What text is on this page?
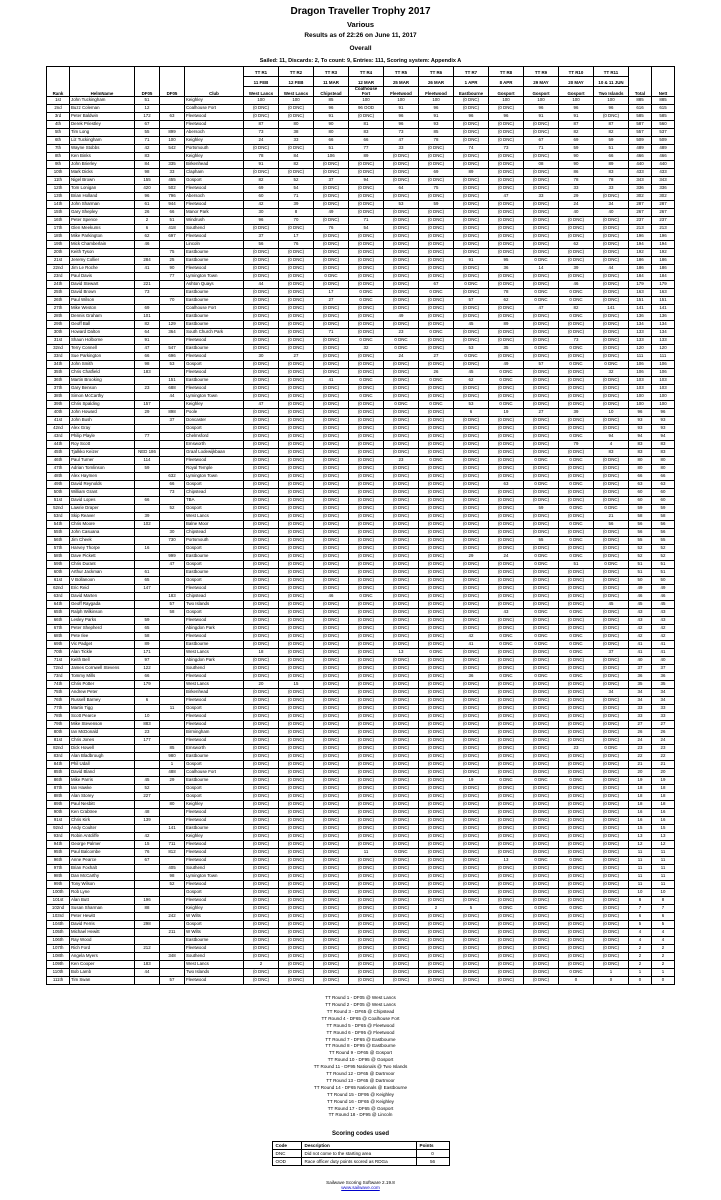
Dragon Traveller Trophy 2017
Various
Results as of 22:26 on June 11, 2017
Overall
Sailed: 11, Discards: 2, To count: 9, Entries: 111, Scoring system: Appendix A
Rank	HelmName	DF05	DF05	Club	TT R1	TT R2	TT R3	TT R4	TT R5	TT R6	TT R7	TT R8	TT R9	TT R10	TT R11	Total	Nett
					11 FEB	12 FEB	11 MAR	12 MAR	25 MAR	26 MAR	1 APR	8 APR	29 MAY	20 MAY	10 & 11 JUN		
					West Lancs	West Lancs	Chipstead	Coalhouse Fort	Fleetwood	Fleetwood	Eastbourne	Gosport	Gosport	Gosport	Two Islands		
1st	John Tuckingham	51		Keighley	100	100	85	100	100	100	(0 DNC)	100	100	100	100	885	885
2nd	Buzz Coleman	12		Coalhouse Fort	(0 DNC)	(0 DNC)	96	96 OOD	91	96	(0 DNC)	(0 DNC)	96	96	96	616	615
3rd	Peter Baldwin	172	63	Fleetwood	(0 DNC)	(0 DNC)	91	(0 DNC)	96	91	96	96	91	91	(0 DNC)	585	585
4th	Derek Priestley	67		Fleetwood	87	80	90	81	96	93	(0 DNC)	(0 DNC)	(0 DNC)	87	87	587	560
5th	Tim Long	55	899	Abersoch	73	38	80	83	73	85	(0 DNC)	(0 DNC)	(0 DNC)	82	82	557	537
6th	Liz Tuckingham	71	100	Keighley	24	33	66	66	47	78	(0 DNC)	(0 DNC)	67	69	59	509	509
7th	Wayne Stobbs	42	542	Portsmouth	(0 DNC)	(0 DNC)	51	77	33	(0 DNC)	74	73	71	59	51	489	489
8th	Ken Binks	83		Keighley	78	84	106	89	(0 DNC)	(0 DNC)	(0 DNC)	(0 DNC)	(0 DNC)	90	66	466	466
9th	John Brierley	84	335	Birkenhead	91	82	(0 DNC)	(0 DNC)	(0 DNC)	(0 DNC)	(0 DNC)	(0 DNC)	08	90	89	440	440
10th	Mark Dicks	98	33	Clapham	(0 DNC)	(0 DNC)	(0 DNC)	(0 DNC)	(0 DNC)	69	89	(0 DNC)	(0 DNC)	86	83	433	433
11th	Nigel Brown	155	455	Gosport	82	52	37	94	(0 DNC)	(0 DNC)	(0 DNC)	(0 DNC)	(0 DNC)	78	78	343	343
12th	Tom Lonigan	420	502	Fleetwood	69	54	(0 DNC)	(0 DNC)	64	75	(0 DNC)	(0 DNC)	(0 DNC)	33	33	336	336
13th	Brian Holland	96	796	Abersoch	60	71	(0 DNC)	(0 DNC)	(0 DNC)	(0 DNC)	(0 DNC)	47	33	29	(0 DNC)	302	302
14th	John Sharman	61	944	Fleetwood	42	39	(0 DNC)	(0 DNC)	53	59	(0 DNC)	(0 DNC)	(0 DNC)	24	34	287	287
15th	Gary Shepley	26	66	Manor Park	30	8	49	(0 DNC)	(0 DNC)	(0 DNC)	(0 DNC)	(0 DNC)	(0 DNC)	40	40	267	267
16th	Peter Spence	2	51	Windrush	96	70	(0 DNC)	71	(0 DNC)	(0 DNC)	(0 DNC)	(0 DNC)	(0 DNC)	(0 DNC)	(0 DNC)	237	237
17th	Glen Meekums	6	418	Southend	(0 DNC)	(0 DNC)	76	54	(0 DNC)	(0 DNC)	(0 DNC)	(0 DNC)	(0 DNC)	(0 DNC)	(0 DNC)	213	213
18th	Mike Parkington	62	697	Fleetwood	37	17	(0 DNC)	(0 DNC)	(0 DNC)	(0 DNC)	(0 DNC)	(0 DNC)	(0 DNC)	(0 DNC)	(0 DNC)	196	196
19th	Mick Chamberlain	46		Lincoln	56	76	(0 DNC)	(0 DNC)	(0 DNC)	(0 DNC)	(0 DNC)	(0 DNC)	(0 DNC)	62	(0 DNC)	194	194
20th	Keith Tyson		75	Eastbourne	(0 DNC)	(0 DNC)	(0 DNC)	(0 DNC)	(0 DNC)	(0 DNC)	(0 DNC)	(0 DNC)	(0 DNC)	(0 DNC)	(0 DNC)	192	192
21st	Jeremy Collier	284	25	Eastbourne	(0 DNC)	(0 DNC)	(0 DNC)	(0 DNC)	(0 DNC)	(0 DNC)	91	95	0 DNC	(0 DNC)	(0 DNC)	186	186
22nd	Jim Le Roche	41	90	Fleetwood	(0 DNC)	(0 DNC)	(0 DNC)	(0 DNC)	(0 DNC)	(0 DNC)	(0 DNC)	36	14	39	44	186	186
23rd	Paul Davis		77	Lymington Town	(0 DNC)	(0 DNC)	0 DNC	(0 DNC)	(0 DNC)	(0 DNC)	(0 DNC)	(0 DNC)	(0 DNC)	(0 DNC)	(0 DNC)	184	184
24th	David Stewart	221		Ashton Quays	44	(0 DNC)	(0 DNC)	(0 DNC)	(0 DNC)	67	0 DNC	(0 DNC)	(0 DNC)	46	(0 DNC)	179	179
25th	David Brown	73		Eastbourne	(0 DNC)	(0 DNC)	17	0 DNC	(0 DNC)	0 DNC	(0 DNC)	78	0 DNC	0 DNC	(0 DNC)	163	163
26th	Paul Wilson		70	Eastbourne	(0 DNC)	(0 DNC)	27	0 DNC	(0 DNC)	(0 DNC)	57	62	0 DNC	0 DNC	(0 DNC)	151	151
27th	Mike Weston	69		Coalhouse Fort	(0 DNC)	(0 DNC)	(0 DNC)	(0 DNC)	(0 DNC)	(0 DNC)	(0 DNC)	(0 DNC)	47	82	141	141	141
28th	Dennis Graham	101		Eastbourne	(0 DNC)	(0 DNC)	(0 DNC)	(0 DNC)	49	(0 DNC)	(0 DNC)	(0 DNC)	(0 DNC)	0 DNC	(0 DNC)	136	136
29th	Geoff Ball	82	129	Eastbourne	(0 DNC)	(0 DNC)	(0 DNC)	(0 DNC)	(0 DNC)	(0 DNC)	45	89	(0 DNC)	(0 DNC)	(0 DNC)	134	134
30th	Howard Dalton	64	364	South Church Park	(0 DNC)	(0 DNC)	71	(0 DNC)	23	0 DNC	(0 DNC)	(0 DNC)	(0 DNC)	(0 DNC)	(0 DNC)	133	134
31st	Shaun Holborne	91		Fleetwood	(0 DNC)	(0 DNC)	(0 DNC)	0 DNC	0 DNC	(0 DNC)	(0 DNC)	(0 DNC)	(0 DNC)	73	(0 DNC)	133	133
32nd	Terry Connell	47	547	Eastbourne	(0 DNC)	(0 DNC)	(0 DNC)	32	0 DNC	(0 DNC)	53	35	0 DNC	0 DNC	(0 DNC)	120	120
33rd	Sue Parkington	66	696	Fleetwood	30	27	(0 DNC)	(0 DNC)	24	27	0 DNC	(0 DNC)	(0 DNC)	(0 DNC)	(0 DNC)	111	111
34th	John Smith	98	53	Gosport	(0 DNC)	(0 DNC)	(0 DNC)	(0 DNC)	(0 DNC)	(0 DNC)	(0 DNC)	49	57	0 DNC	0 DNC	106	106
35th	Chris Chatfield	183		Fleetwood	(0 DNC)	(0 DNC)	(0 DNC)	(0 DNC)	(0 DNC)	26	45	0 DNC	(0 DNC)	(0 DNC)	32	106	106
36th	Martin Brooking		151	Eastbourne	(0 DNC)	(0 DNC)	41	0 DNC	(0 DNC)	0 DNC	62	0 DNC	(0 DNC)	(0 DNC)	(0 DNC)	103	103
37th	Gary Benson	23	688	Fleetwood	(0 DNC)	(0 DNC)	(0 DNC)	(0 DNC)	(0 DNC)	(0 DNC)	(0 DNC)	(0 DNC)	(0 DNC)	(0 DNC)	(0 DNC)	103	103
38th	Simon McCarthy		44	Lymington Town	(0 DNC)	(0 DNC)	(0 DNC)	0 DNC	(0 DNC)	(0 DNC)	(0 DNC)	(0 DNC)	(0 DNC)	(0 DNC)	(0 DNC)	100	100
39th	Chris Spalding	157		Keighley	47	(0 DNC)	(0 DNC)	(0 DNC)	0 DNC	0 DNC	53	0 DNC	(0 DNC)	(0 DNC)	(0 DNC)	100	100
40th	John Howard	29	898	Poole	(0 DNC)	(0 DNC)	(0 DNC)	(0 DNC)	(0 DNC)	(0 DNC)	6	19	27	39	10	96	96
41st	John Bush		37	Doncaster	(0 DNC)	(0 DNC)	(0 DNC)	(0 DNC)	(0 DNC)	(0 DNC)	(0 DNC)	(0 DNC)	(0 DNC)	(0 DNC)	(0 DNC)	93	93
42nd	Alex Gray			Gosport	(0 DNC)	(0 DNC)	(0 DNC)	(0 DNC)	(0 DNC)	(0 DNC)	(0 DNC)	(0 DNC)	(0 DNC)	(0 DNC)	(0 DNC)	93	93
43rd	Philip Playle	77		Chelmsford	(0 DNC)	(0 DNC)	(0 DNC)	(0 DNC)	(0 DNC)	(0 DNC)	(0 DNC)	(0 DNC)	(0 DNC)	0 DNC	94	94	94
44th	Roy Scott			Emsworth	(0 DNC)	(0 DNC)	(0 DNC)	(0 DNC)	(0 DNC)	(0 DNC)	(0 DNC)	(0 DNC)	(0 DNC)	79	4	83	83
45th	Tjalkko Keizer	NED 186		Graaf Lodewijkbaan	(0 DNC)	(0 DNC)	(0 DNC)	(0 DNC)	(0 DNC)	(0 DNC)	(0 DNC)	(0 DNC)	(0 DNC)	(0 DNC)	83	83	83
46th	Paul Turner	114		Fleetwood	(0 DNC)	(0 DNC)	(0 DNC)	(0 DNC)	23	0 DNC	(0 DNC)	(0 DNC)	0 DNC	0 DNC	(0 DNC)	80	80
47th	Adrian Tomlinson	59		Royal Temple	(0 DNC)	(0 DNC)	(0 DNC)	(0 DNC)	(0 DNC)	(0 DNC)	(0 DNC)	(0 DNC)	(0 DNC)	(0 DNC)	(0 DNC)	80	80
48th	Alex Haymen		632	Lymington Town	(0 DNC)	(0 DNC)	(0 DNC)	(0 DNC)	(0 DNC)	(0 DNC)	(0 DNC)	(0 DNC)	(0 DNC)	(0 DNC)	(0 DNC)	66	66
49th	David Reynolds		66	Gosport	(0 DNC)	(0 DNC)	(0 DNC)	(0 DNC)	(0 DNC)	(0 DNC)	(0 DNC)	63	0 DNC	0 DNC	(0 DNC)	63	63
50th	William Grant		73	Chipstead	(0 DNC)	(0 DNC)	(0 DNC)	(0 DNC)	(0 DNC)	(0 DNC)	(0 DNC)	(0 DNC)	(0 DNC)	(0 DNC)	(0 DNC)	60	60
51st	David Lopes	66		TBA	(0 DNC)	(0 DNC)	(0 DNC)	(0 DNC)	(0 DNC)	(0 DNC)	(0 DNC)	(0 DNC)	(0 DNC)	(0 DNC)	(0 DNC)	60	60
52nd	Lawrie Draper		52	Gosport	(0 DNC)	(0 DNC)	(0 DNC)	(0 DNC)	(0 DNC)	(0 DNC)	(0 DNC)	(0 DNC)	59	0 DNC	0 DNC	59	59
53rd	Skip Reaver	39		West Lancs	(0 DNC)	(0 DNC)	(0 DNC)	(0 DNC)	(0 DNC)	(0 DNC)	(0 DNC)	(0 DNC)	(0 DNC)	(0 DNC)	21	58	58
54th	Chris Moore	102		Balne Moor	(0 DNC)	(0 DNC)	(0 DNC)	(0 DNC)	(0 DNC)	(0 DNC)	(0 DNC)	(0 DNC)	(0 DNC)	0 DNC	56	56	56
55th	John Casuana		30	Chipstead	(0 DNC)	(0 DNC)	(0 DNC)	(0 DNC)	(0 DNC)	(0 DNC)	(0 DNC)	(0 DNC)	(0 DNC)	(0 DNC)	(0 DNC)	56	56
56th	Jim Cheek		730	Portsmouth	(0 DNC)	(0 DNC)	(0 DNC)	(0 DNC)	(0 DNC)	(0 DNC)	(0 DNC)	(0 DNC)	55	0 DNC	(0 DNC)	55	55
57th	Harvey Thorpe	16		Gosport	(0 DNC)	(0 DNC)	(0 DNC)	(0 DNC)	(0 DNC)	(0 DNC)	(0 DNC)	(0 DNC)	(0 DNC)	(0 DNC)	(0 DNC)	52	52
58th	Dave Pickett		999	Eastbourne	(0 DNC)	(0 DNC)	(0 DNC)	(0 DNC)	(0 DNC)	(0 DNC)	29	24	0 DNC	0 DNC	(0 DNC)	52	52
59th	Chris Durant		47	Gosport	(0 DNC)	(0 DNC)	(0 DNC)	(0 DNC)	(0 DNC)	(0 DNC)	(0 DNC)	(0 DNC)	0 DNC	51	0 DNC	51	51
60th	Arthur Jackman	61		Eastbourne	(0 DNC)	(0 DNC)	(0 DNC)	(0 DNC)	(0 DNC)	(0 DNC)	(0 DNC)	(0 DNC)	(0 DNC)	(0 DNC)	(0 DNC)	51	51
61st	V Bollanoon	65		Gosport	(0 DNC)	(0 DNC)	(0 DNC)	(0 DNC)	(0 DNC)	(0 DNC)	(0 DNC)	(0 DNC)	(0 DNC)	(0 DNC)	(0 DNC)	50	50
62nd	Eric Reid	147		Fleetwood	(0 DNC)	(0 DNC)	(0 DNC)	(0 DNC)	(0 DNC)	(0 DNC)	(0 DNC)	(0 DNC)	(0 DNC)	(0 DNC)	(0 DNC)	49	49
63rd	David Marten		183	Chipstead	(0 DNC)	(0 DNC)	46	0 DNC	(0 DNC)	(0 DNC)	(0 DNC)	(0 DNC)	(0 DNC)	(0 DNC)	(0 DNC)	46	46
64th	Geoff Raygada		57	Two Islands	(0 DNC)	(0 DNC)	(0 DNC)	(0 DNC)	(0 DNC)	(0 DNC)	(0 DNC)	(0 DNC)	(0 DNC)	(0 DNC)	45	45	45
65th	Ralph Wilkinson		58	Gosport	(0 DNC)	(0 DNC)	(0 DNC)	(0 DNC)	(0 DNC)	(0 DNC)	(0 DNC)	43	0 DNC	0 DNC	(0 DNC)	43	43
66th	Lesley Parks	59		Fleetwood	(0 DNC)	(0 DNC)	(0 DNC)	(0 DNC)	(0 DNC)	(0 DNC)	(0 DNC)	(0 DNC)	(0 DNC)	(0 DNC)	(0 DNC)	43	43
67th	Peter Shepherd	65		Abingdon Park	(0 DNC)	(0 DNC)	(0 DNC)	(0 DNC)	(0 DNC)	(0 DNC)	(0 DNC)	(0 DNC)	(0 DNC)	(0 DNC)	(0 DNC)	42	42
68th	Pete Ilee	58		Fleetwood	(0 DNC)	(0 DNC)	(0 DNC)	(0 DNC)	(0 DNC)	(0 DNC)	42	0 DNC	0 DNC	0 DNC	(0 DNC)	42	42
69th	Vic Padget	89		Eastbourne	(0 DNC)	(0 DNC)	(0 DNC)	(0 DNC)	(0 DNC)	(0 DNC)	41	0 DNC	0 DNC	0 DNC	(0 DNC)	41	41
70th	Alan Tickle	171		West Lancs	18	(0 DNC)	(0 DNC)	(0 DNC)	13	0 DNC	(0 DNC)	(0 DNC)	(0 DNC)	0 DNC	37	41	41
71st	Keith Bell	97		Abingdon Park	(0 DNC)	(0 DNC)	(0 DNC)	(0 DNC)	(0 DNC)	(0 DNC)	(0 DNC)	(0 DNC)	(0 DNC)	(0 DNC)	(0 DNC)	40	40
72nd	James Cornwell Stevens	122		Southend	(0 DNC)	(0 DNC)	(0 DNC)	(0 DNC)	(0 DNC)	(0 DNC)	(0 DNC)	(0 DNC)	(0 DNC)	(0 DNC)	(0 DNC)	37	37
73rd	Tommy Mills	66		Fleetwood	(0 DNC)	(0 DNC)	(0 DNC)	(0 DNC)	(0 DNC)	(0 DNC)	36	0 DNC	0 DNC	0 DNC	(0 DNC)	36	36
74th	Chris Potter	179		West Lancs	20	15	(0 DNC)	(0 DNC)	(0 DNC)	(0 DNC)	(0 DNC)	(0 DNC)	(0 DNC)	(0 DNC)	(0 DNC)	35	35
75th	Andrew Peter			Birkenhead	(0 DNC)	(0 DNC)	(0 DNC)	(0 DNC)	(0 DNC)	(0 DNC)	(0 DNC)	(0 DNC)	(0 DNC)	(0 DNC)	34	34	34
76th	Russell Barney	6		Fleetwood	(0 DNC)	(0 DNC)	(0 DNC)	(0 DNC)	(0 DNC)	(0 DNC)	(0 DNC)	(0 DNC)	(0 DNC)	(0 DNC)	(0 DNC)	34	34
77th	Martin Tigg		11	Gosport	(0 DNC)	(0 DNC)	(0 DNC)	(0 DNC)	(0 DNC)	(0 DNC)	(0 DNC)	(0 DNC)	(0 DNC)	(0 DNC)	(0 DNC)	33	33
78th	Scott Pearce	10		Fleetwood	(0 DNC)	(0 DNC)	(0 DNC)	(0 DNC)	(0 DNC)	(0 DNC)	(0 DNC)	(0 DNC)	(0 DNC)	(0 DNC)	(0 DNC)	33	33
79th	Mike Stevenson	883		Fleetwood	(0 DNC)	(0 DNC)	(0 DNC)	(0 DNC)	(0 DNC)	(0 DNC)	(0 DNC)	(0 DNC)	(0 DNC)	(0 DNC)	(0 DNC)	27	27
80th	Ian McDonald	23		Birmingham	(0 DNC)	(0 DNC)	(0 DNC)	(0 DNC)	(0 DNC)	(0 DNC)	(0 DNC)	(0 DNC)	(0 DNC)	(0 DNC)	(0 DNC)	26	26
81st	Chris Jones	177		Fleetwood	(0 DNC)	(0 DNC)	(0 DNC)	(0 DNC)	(0 DNC)	(0 DNC)	(0 DNC)	(0 DNC)	(0 DNC)	(0 DNC)	(0 DNC)	24	24
82nd	Dick Howell		85	Emsworth	(0 DNC)	(0 DNC)	(0 DNC)	(0 DNC)	(0 DNC)	(0 DNC)	(0 DNC)	(0 DNC)	(0 DNC)	23	0 DNC	23	23
83rd	Alan Bladbrough		980	Eastbourne	(0 DNC)	(0 DNC)	(0 DNC)	(0 DNC)	(0 DNC)	(0 DNC)	(0 DNC)	(0 DNC)	(0 DNC)	(0 DNC)	(0 DNC)	22	22
84th	Phil Udall		1	Gosport	(0 DNC)	(0 DNC)	(0 DNC)	(0 DNC)	(0 DNC)	(0 DNC)	(0 DNC)	(0 DNC)	(0 DNC)	(0 DNC)	(0 DNC)	21	21
85th	David Bland		488	Coalhouse Fort	(0 DNC)	(0 DNC)	(0 DNC)	(0 DNC)	(0 DNC)	(0 DNC)	(0 DNC)	(0 DNC)	(0 DNC)	(0 DNC)	(0 DNC)	20	20
86th	Mike Parris	45	29	Eastbourne	(0 DNC)	(0 DNC)	(0 DNC)	(0 DNC)	(0 DNC)	(0 DNC)	19	0 DNC	0 DNC	0 DNC	(0 DNC)	19	19
87th	Ian Hawke	52		Gosport	(0 DNC)	(0 DNC)	(0 DNC)	(0 DNC)	(0 DNC)	(0 DNC)	(0 DNC)	(0 DNC)	(0 DNC)	(0 DNC)	(0 DNC)	18	18
88th	Alan Storey	227		Gosport	(0 DNC)	(0 DNC)	(0 DNC)	(0 DNC)	(0 DNC)	(0 DNC)	(0 DNC)	(0 DNC)	(0 DNC)	(0 DNC)	(0 DNC)	18	18
89th	Paul Nesbitt		80	Keighley	(0 DNC)	(0 DNC)	(0 DNC)	(0 DNC)	(0 DNC)	(0 DNC)	(0 DNC)	(0 DNC)	(0 DNC)	(0 DNC)	(0 DNC)	18	18
90th	Ken Crabtree	48		Fleetwood	(0 DNC)	(0 DNC)	(0 DNC)	(0 DNC)	(0 DNC)	(0 DNC)	(0 DNC)	(0 DNC)	(0 DNC)	(0 DNC)	(0 DNC)	16	16
91st	Chris Kirk	139		Fleetwood	(0 DNC)	(0 DNC)	(0 DNC)	(0 DNC)	(0 DNC)	(0 DNC)	(0 DNC)	(0 DNC)	(0 DNC)	(0 DNC)	(0 DNC)	16	16
92nd	Andy Coulter		141	Eastbourne	(0 DNC)	(0 DNC)	(0 DNC)	(0 DNC)	(0 DNC)	(0 DNC)	(0 DNC)	(0 DNC)	(0 DNC)	(0 DNC)	(0 DNC)	15	15
93rd	Robin Antcliffe	42		Keighley	(0 DNC)	(0 DNC)	(0 DNC)	(0 DNC)	(0 DNC)	(0 DNC)	(0 DNC)	(0 DNC)	(0 DNC)	(0 DNC)	(0 DNC)	13	13
94th	George Palmer	15	711	Fleetwood	(0 DNC)	(0 DNC)	(0 DNC)	(0 DNC)	(0 DNC)	(0 DNC)	(0 DNC)	(0 DNC)	(0 DNC)	(0 DNC)	(0 DNC)	12	12
95th	Paul Balcombe	76	812	Fleetwood	(0 DNC)	(0 DNC)	(0 DNC)	11	0 DNC	(0 DNC)	(0 DNC)	(0 DNC)	(0 DNC)	(0 DNC)	(0 DNC)	11	11
96th	Anne Pearce	67		Fleetwood	(0 DNC)	(0 DNC)	(0 DNC)	(0 DNC)	(0 DNC)	(0 DNC)	(0 DNC)	13	0 DNC	0 DNC	(0 DNC)	11	11
97th	Brian Foxhalt		405	Southend	(0 DNC)	(0 DNC)	(0 DNC)	(0 DNC)	(0 DNC)	(0 DNC)	(0 DNC)	(0 DNC)	(0 DNC)	(0 DNC)	(0 DNC)	11	11
98th	Dan McCarthy		98	Lymington Town	(0 DNC)	(0 DNC)	(0 DNC)	(0 DNC)	(0 DNC)	(0 DNC)	(0 DNC)	(0 DNC)	(0 DNC)	(0 DNC)	(0 DNC)	11	11
99th	Tony Wilson		52	Fleetwood	(0 DNC)	(0 DNC)	(0 DNC)	(0 DNC)	(0 DNC)	(0 DNC)	(0 DNC)	(0 DNC)	(0 DNC)	(0 DNC)	(0 DNC)	11	11
100th	Rob Lyne			Gosport	(0 DNC)	(0 DNC)	(0 DNC)	(0 DNC)	(0 DNC)	(0 DNC)	(0 DNC)	(0 DNC)	(0 DNC)	(0 DNC)	(0 DNC)	10	10
101st	Alan Butt	196		Fleetwood	(0 DNC)	(0 DNC)	(0 DNC)	(0 DNC)	(0 DNC)	(0 DNC)	(0 DNC)	(0 DNC)	(0 DNC)	(0 DNC)	(0 DNC)	8	8
102nd	Susan Sharman	88		Keighley	(0 DNC)	(0 DNC)	(0 DNC)	(0 DNC)	(0 DNC)	2	5	0 DNC	0 DNC	0 DNC	(0 DNC)	7	7
103rd	Peter Hewitt		242	W Wilts	(0 DNC)	(0 DNC)	(0 DNC)	(0 DNC)	(0 DNC)	(0 DNC)	(0 DNC)	(0 DNC)	(0 DNC)	(0 DNC)	(0 DNC)	6	6
104th	David Ferris	298		Gosport	(0 DNC)	(0 DNC)	(0 DNC)	(0 DNC)	(0 DNC)	(0 DNC)	(0 DNC)	(0 DNC)	(0 DNC)	(0 DNC)	(0 DNC)	5	5
105th	Michael Hewitt		211	W Wilts	(0 DNC)	(0 DNC)	(0 DNC)	(0 DNC)	(0 DNC)	(0 DNC)	(0 DNC)	(0 DNC)	(0 DNC)	(0 DNC)	(0 DNC)	4	4
106th	Ray Wood			Eastbourne	(0 DNC)	(0 DNC)	(0 DNC)	(0 DNC)	(0 DNC)	(0 DNC)	(0 DNC)	(0 DNC)	(0 DNC)	(0 DNC)	(0 DNC)	4	4
107th	Rich Ford	212		Fleetwood	(0 DNC)	(0 DNC)	(0 DNC)	(0 DNC)	(0 DNC)	(0 DNC)	(0 DNC)	(0 DNC)	(0 DNC)	(0 DNC)	(0 DNC)	2	2
108th	Angela Myers		348	Southend	(0 DNC)	(0 DNC)	(0 DNC)	(0 DNC)	(0 DNC)	(0 DNC)	(0 DNC)	(0 DNC)	(0 DNC)	(0 DNC)	(0 DNC)	2	2
109th	Ken Cooper	183		West Lancs	2	(0 DNC)	(0 DNC)	(0 DNC)	(0 DNC)	(0 DNC)	(0 DNC)	(0 DNC)	(0 DNC)	(0 DNC)	(0 DNC)	2	2
110th	Bob Lamb	44		Two Islands	(0 DNC)	(0 DNC)	(0 DNC)	(0 DNC)	(0 DNC)	(0 DNC)	(0 DNC)	(0 DNC)	(0 DNC)	0 DNC	1	1	1
111th	Tim Swan		57	Fleetwood	(0 DNC)	(0 DNC)	(0 DNC)	(0 DNC)	(0 DNC)	(0 DNC)	(0 DNC)	(0 DNC)	(0 DNC)	0	0	0	0
TT Round 1 - DF05 @ West Lancs
TT Round 2 - DF05 @ West Lancs
TT Round 3 - DF65 @ Chipstead
TT Round 4 - DF65 @ Coalhouse Fort
TT Round 5 - DF65 @ Fleetwood
TT Round 6 - DF95 @ Fleetwood
TT Round 7 - DF65 @ Eastbourne
TT Round 8 - DF95 @ Eastbourne
TT Round 9 - DF65 @ Gosport
TT Round 10 - DF95 @ Gosport
TT Round 11 - DF95 Nationals @ Two Islands
TT Round 12 - DF65 @ Dartmoor
TT Round 13 - DF65 @ Dartmoor
TT Round 14 - DF65 Nationals @ Eastbourne
TT Round 15 - DF95 @ Keighley
TT Round 16 - DF65 @ Keighley
TT Round 17 - DF65 @ Gosport
TT Round 18 - DF95 @ Lincoln
Scoring codes used
Code	Description	Points
DNC	Did not come to the starting area	0
OOD	Race officer duty points scored as RDGa	56
Sailwave Scoring Software 2.19.8
www.sailwave.com
